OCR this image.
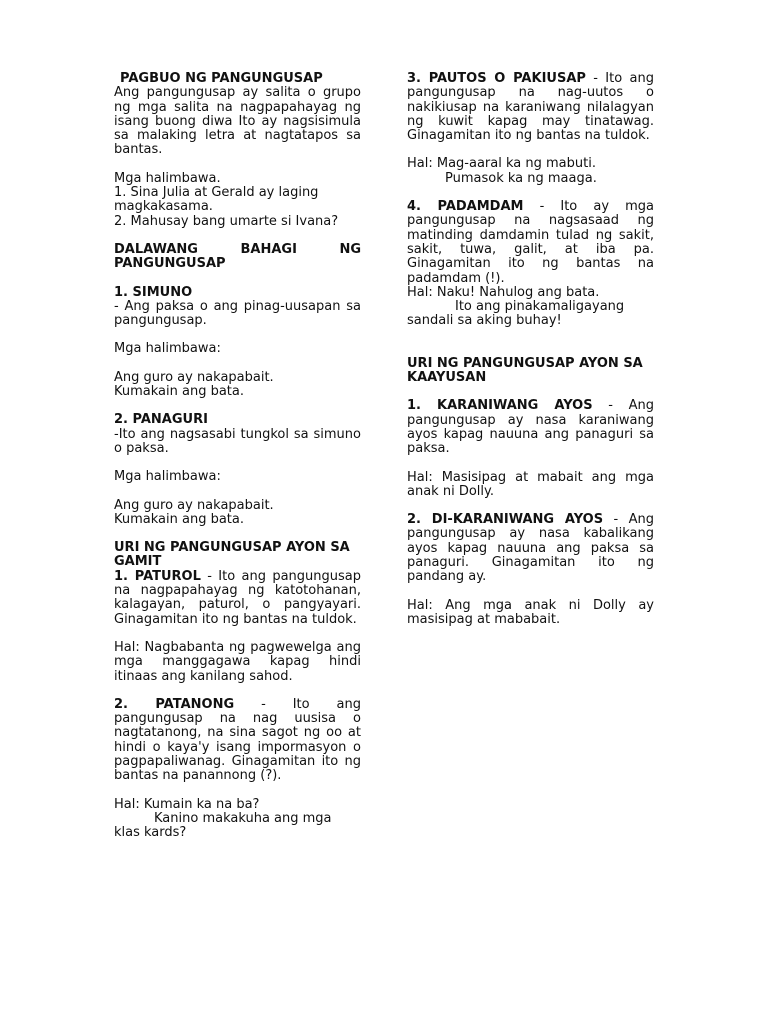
PAGBUO NG PANGUNGUSAP
Ang pangungusap ay salita o grupo ng mga salita na nagpapahayag ng isang buong diwa Ito ay nagsisimula sa malaking letra at nagtatapos sa bantas.
Mga halimbawa.
1. Sina Julia at Gerald ay laging magkakasama.
2. Mahusay bang umarte si Ivana?
DALAWANG	BAHAGI	NG
PANGUNGUSAP
1. SIMUNO
- Ang paksa o ang pinag-uusapan sa pangungusap.
Mga halimbawa:
Ang guro ay nakapabait.
Kumakain ang bata.
2. PANAGURI
-Ito ang nagsasabi tungkol sa simuno o paksa.
Mga halimbawa:
Ang guro ay nakapabait.
Kumakain ang bata.
URI NG PANGUNGUSAP AYON SA GAMIT
1. PATUROL - Ito ang pangungusap na nagpapahayag ng katotohanan, kalagayan, paturol, o pangyayari. Ginagamitan ito ng bantas na tuldok.
Hal: Nagbabanta ng pagwewelga ang mga manggagawa kapag hindi itinaas ang kanilang sahod.
2. PATANONG - Ito ang pangungusap na nag uusisa o nagtatanong, na sina sagot ng oo at hindi o kaya'y isang impormasyon o pagpapaliwanag. Ginagamitan ito ng bantas na panannong (?).
Hal: Kumain ka na ba?
Kanino makakuha ang mga klas kards?
3. PAUTOS O PAKIUSAP - Ito ang pangungusap na nag-uutos o nakikiusap na karaniwang nilalagyan ng kuwit kapag may tinatawag. Ginagamitan ito ng bantas na tuldok.
Hal: Mag-aaral ka ng mabuti.
Pumasok ka ng maaga.
4. PADAMDAM - Ito ay mga pangungusap na nagsasaad ng matinding damdamin tulad ng sakit, sakit, tuwa, galit, at iba pa. Ginagamitan ito ng bantas na padamdam (!).
Hal: Naku! Nahulog ang bata.
Ito ang pinakamaligayang sandali sa aking buhay!
URI NG PANGUNGUSAP AYON SA KAAYUSAN
1. KARANIWANG AYOS - Ang pangungusap ay nasa karaniwang ayos kapag nauuna ang panaguri sa paksa.
Hal: Masisipag at mabait ang mga anak ni Dolly.
2. DI-KARANIWANG AYOS - Ang pangungusap ay nasa kabalikang ayos kapag nauuna ang paksa sa panaguri. Ginagamitan ito ng pandang ay.
Hal: Ang mga anak ni Dolly ay masisipag at mababait.
